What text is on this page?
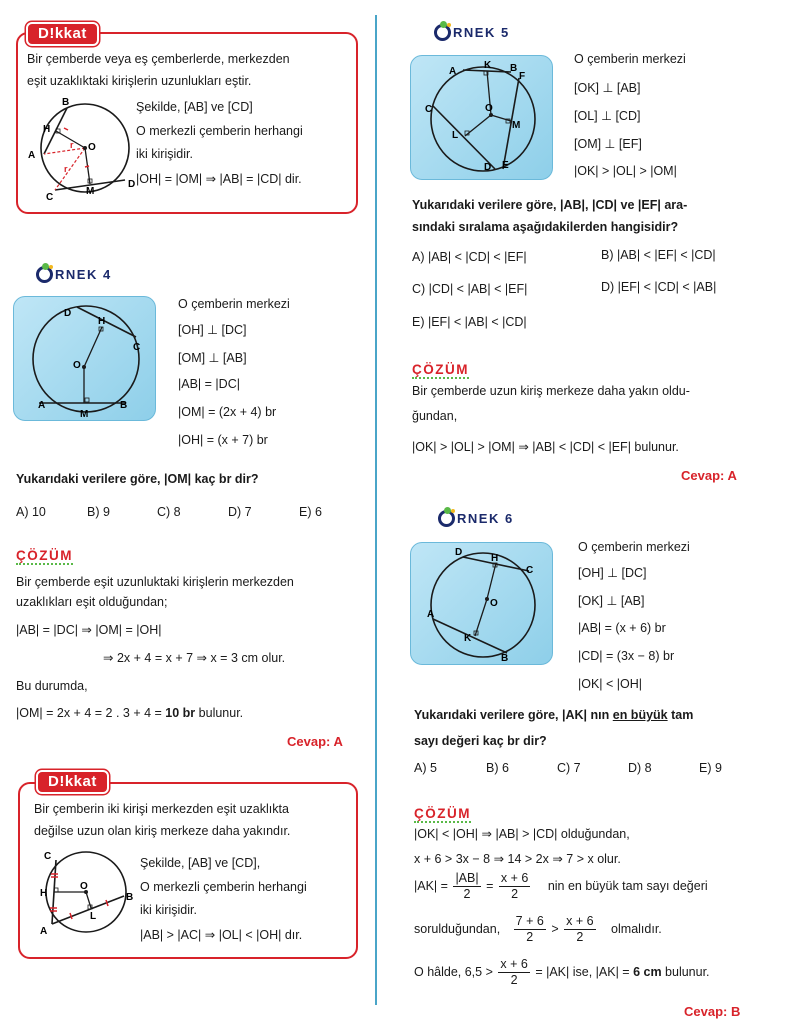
D!kkat
Bir çemberde veya eş çemberlerde, merkezden
eşit uzaklıktaki kirişlerin uzunlukları eştir.
B
H
A
O
r
r
C
M
D
Şekilde, [AB] ve [CD]
O merkezli çemberin herhangi
iki kirişidir.
|OH| = |OM| ⇒ |AB| = |CD| dir.
RNEK 4
D
H
C
O
A
M
B
O çemberin merkezi
[OH] ⊥ [DC]
[OM] ⊥ [AB]
|AB| = |DC|
|OM| = (2x + 4) br
|OH| = (x + 7) br
Yukarıdaki verilere göre, |OM| kaç br dir?
A) 10	B) 9	C) 8	D) 7	E) 6
ÇÖZÜM
Bir çemberde eşit uzunluktaki kirişlerin merkezden
uzaklıkları eşit olduğundan;
|AB| = |DC| ⇒ |OM| = |OH|
⇒ 2x + 4 = x + 7 ⇒ x = 3 cm olur.
Bu durumda,
|OM| = 2x + 4 = 2 . 3 + 4 = 10 br bulunur.
Cevap: A
D!kkat
Bir çemberin iki kirişi merkezden eşit uzaklıkta
değilse uzun olan kiriş merkeze daha yakındır.
C
H
O
B
L
A
Şekilde, [AB] ve [CD],
O merkezli çemberin herhangi
iki kirişidir.
|AB| > |AC| ⇒ |OL| < |OH| dır.
RNEK 5
A
K B
F
C	O
M
L
D E
O çemberin merkezi
[OK] ⊥ [AB]
[OL] ⊥ [CD]
[OM] ⊥ [EF]
|OK| > |OL| > |OM|
Yukarıdaki verilere göre, |AB|, |CD| ve |EF| ara-
sındaki sıralama aşağıdakilerden hangisidir?
A) |AB| < |CD| < |EF|	B) |AB| < |EF| < |CD|
C) |CD| < |AB| < |EF|	D) |EF| < |CD| < |AB|
E) |EF| < |AB| < |CD|
ÇÖZÜM
Bir çemberde uzun kiriş merkeze daha yakın oldu-
ğundan,
|OK| > |OL| > |OM| ⇒ |AB| < |CD| < |EF| bulunur.
Cevap: A
RNEK 6
D
H
C
O
A
K
B
O çemberin merkezi
[OH] ⊥ [DC]
[OK] ⊥ [AB]
|AB| = (x + 6) br
|CD| = (3x − 8) br
|OK| < |OH|
Yukarıdaki verilere göre, |AK| nın en büyük tam
sayı değeri kaç br dir?
A) 5	B) 6	C) 7	D) 8	E) 9
ÇÖZÜM
|OK| < |OH| ⇒ |AB| > |CD| olduğundan,
x + 6 > 3x − 8 ⇒ 14 > 2x ⇒ 7 > x olur.
$|AK| = \frac{|AB|}{2} = \frac{x + 6}{2}$ nin en büyük tam sayı değeri
sorulduğundan, $\frac{7 + 6}{2} > \frac{x + 6}{2}$ olmalıdır.
O hâlde, $6,5 > \frac{x + 6}{2} = |AK|$ ise, |AK| = 6 cm bulunur.
Cevap: B
